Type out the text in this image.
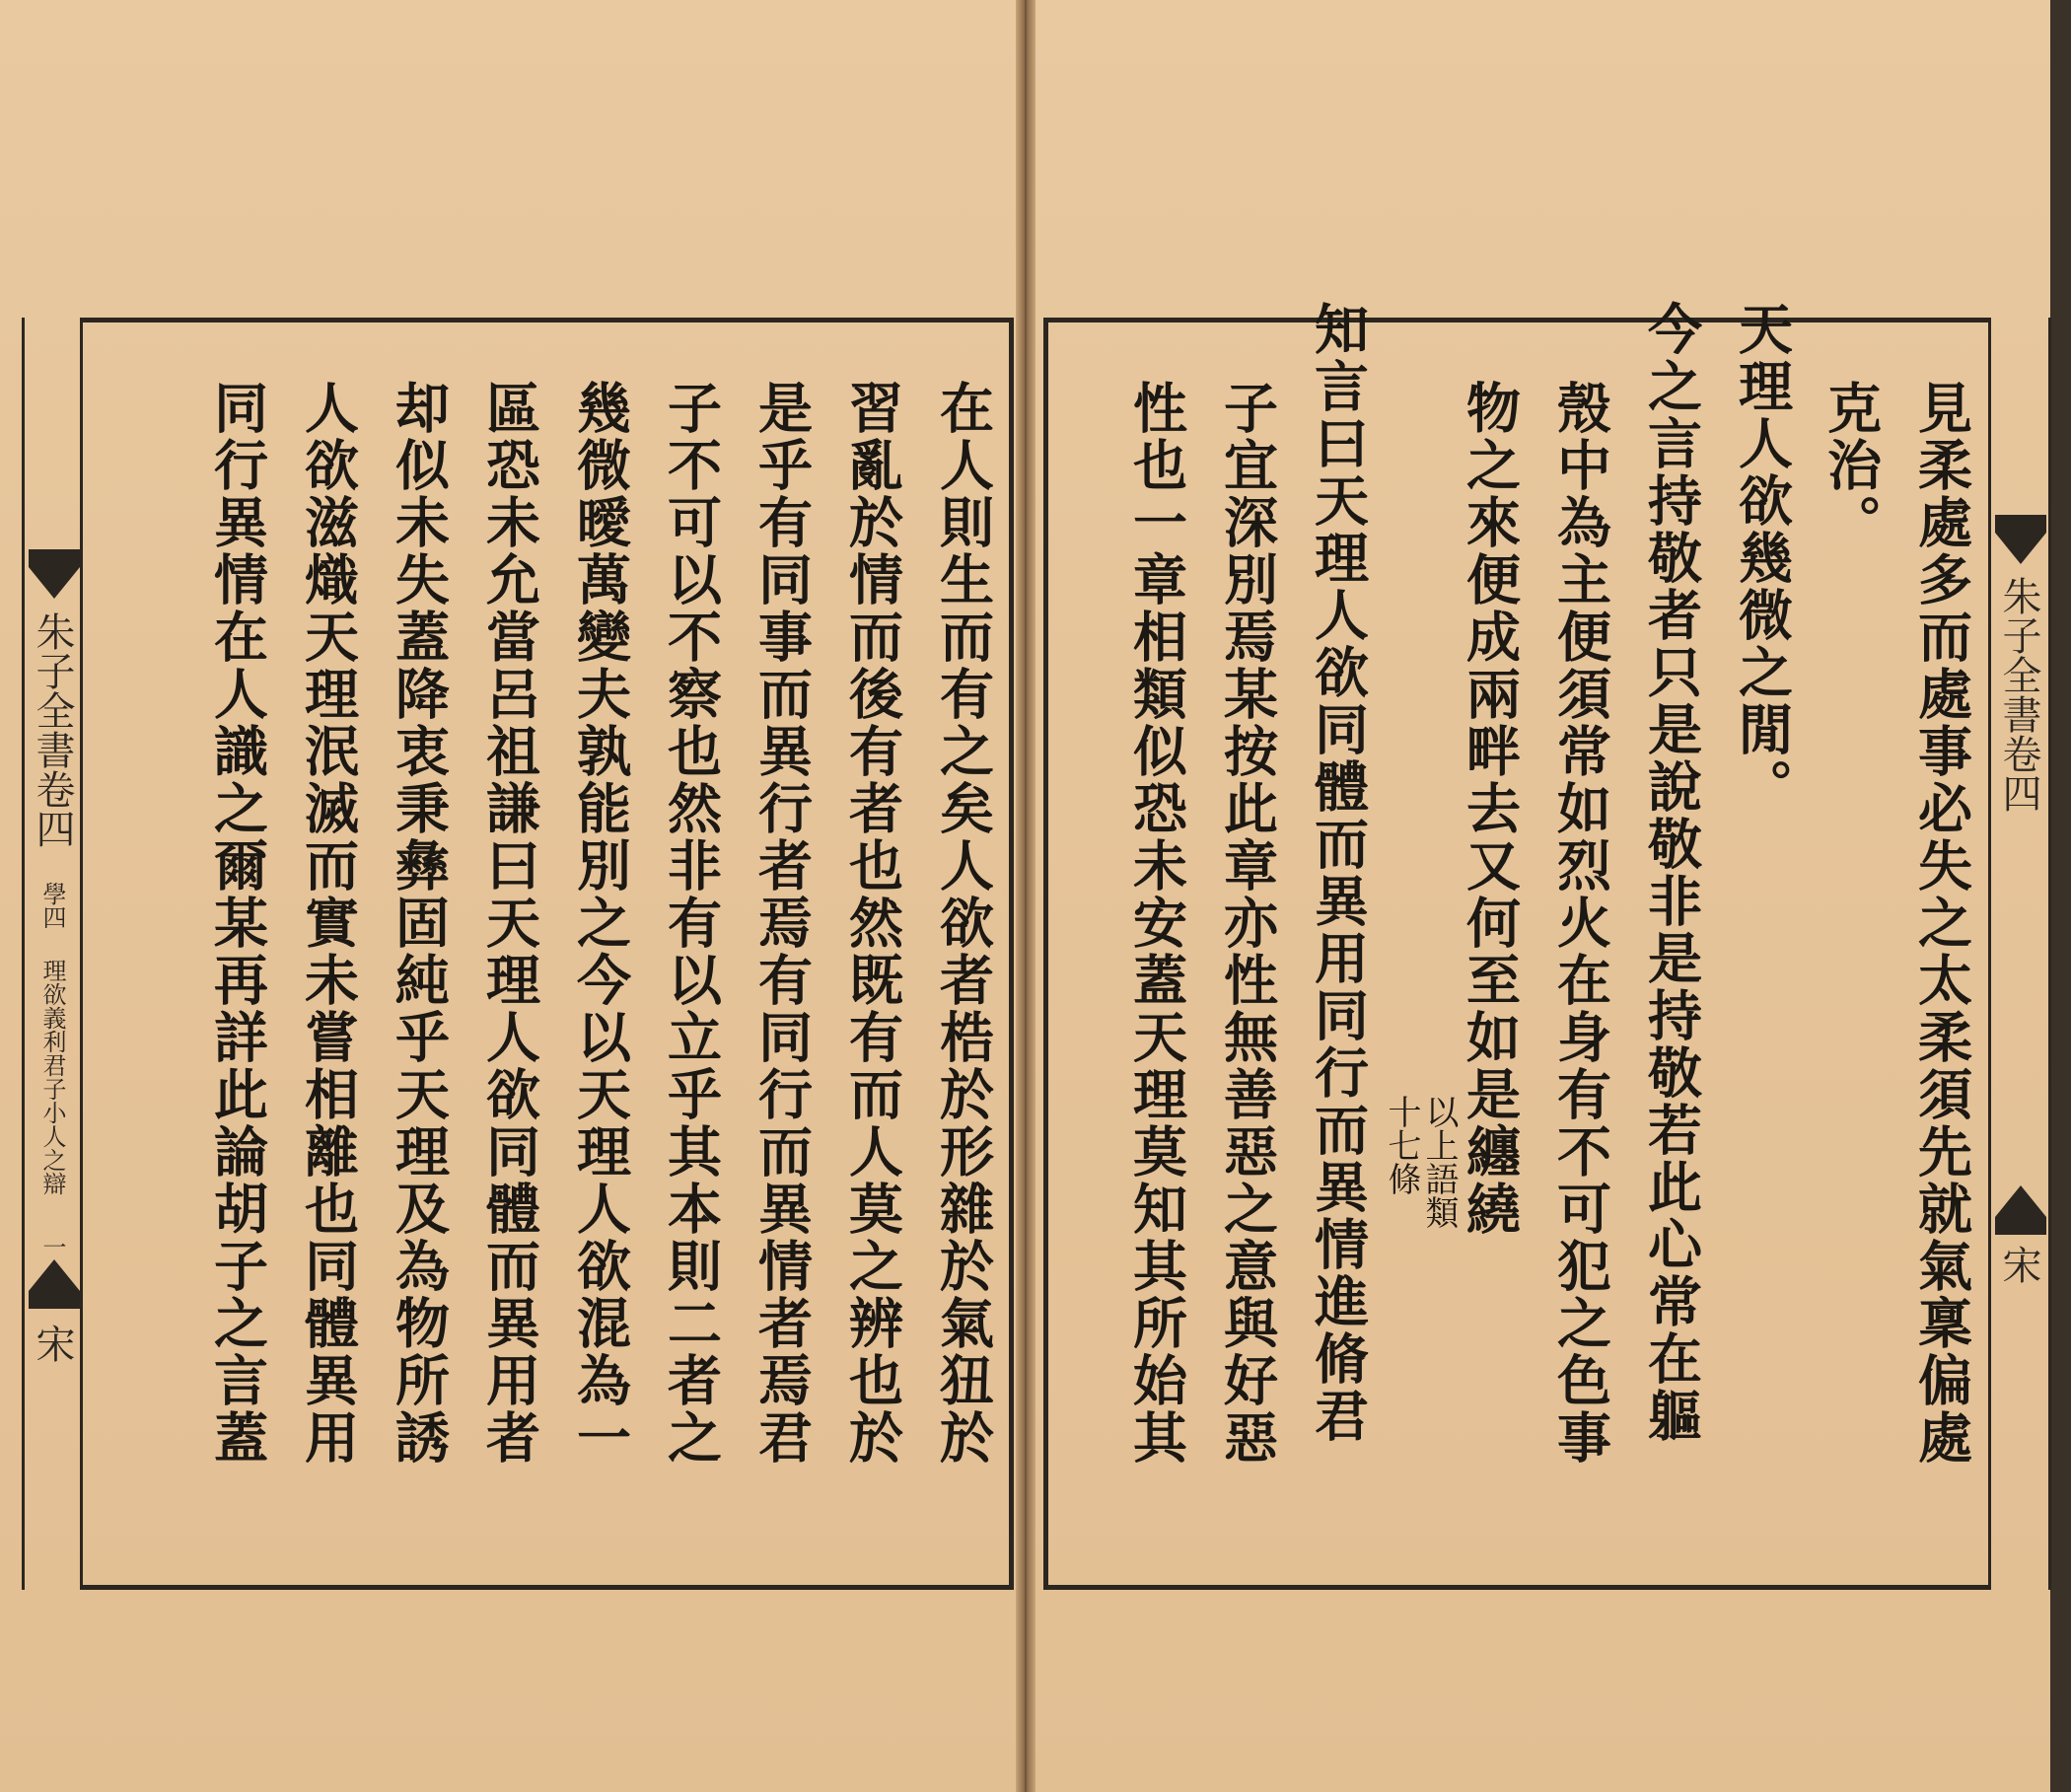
朱子全書卷四
宋
見柔處多而處事必失之太柔須先就氣稟偏處
克治。
天理人欲幾微之閒。
今之言持敬者只是說敬非是持敬若此心常在軀
殼中為主便須常如烈火在身有不可犯之色事
物之來便成兩畔去又何至如是纏繞
以上語類
十七條
知言曰天理人欲同體而異用同行而異情進脩君
子宜深別焉某按此章亦性無善惡之意與好惡
性也一章相類似恐未安蓋天理莫知其所始其
朱子全書卷四
學四
理欲義利君子小人之辯
一
宋	在人則生而有之矣人欲者梏於形雜於氣狃於
習亂於情而後有者也然既有而人莫之辨也於
是乎有同事而異行者焉有同行而異情者焉君
子不可以不察也然非有以立乎其本則二者之
幾微曖萬變夫孰能別之今以天理人欲混為一
區恐未允當呂祖謙曰天理人欲同體而異用者
却似未失蓋降衷秉彝固純乎天理及為物所誘
人欲滋熾天理泯滅而實未嘗相離也同體異用
同行異情在人識之爾某再詳此論胡子之言蓋
